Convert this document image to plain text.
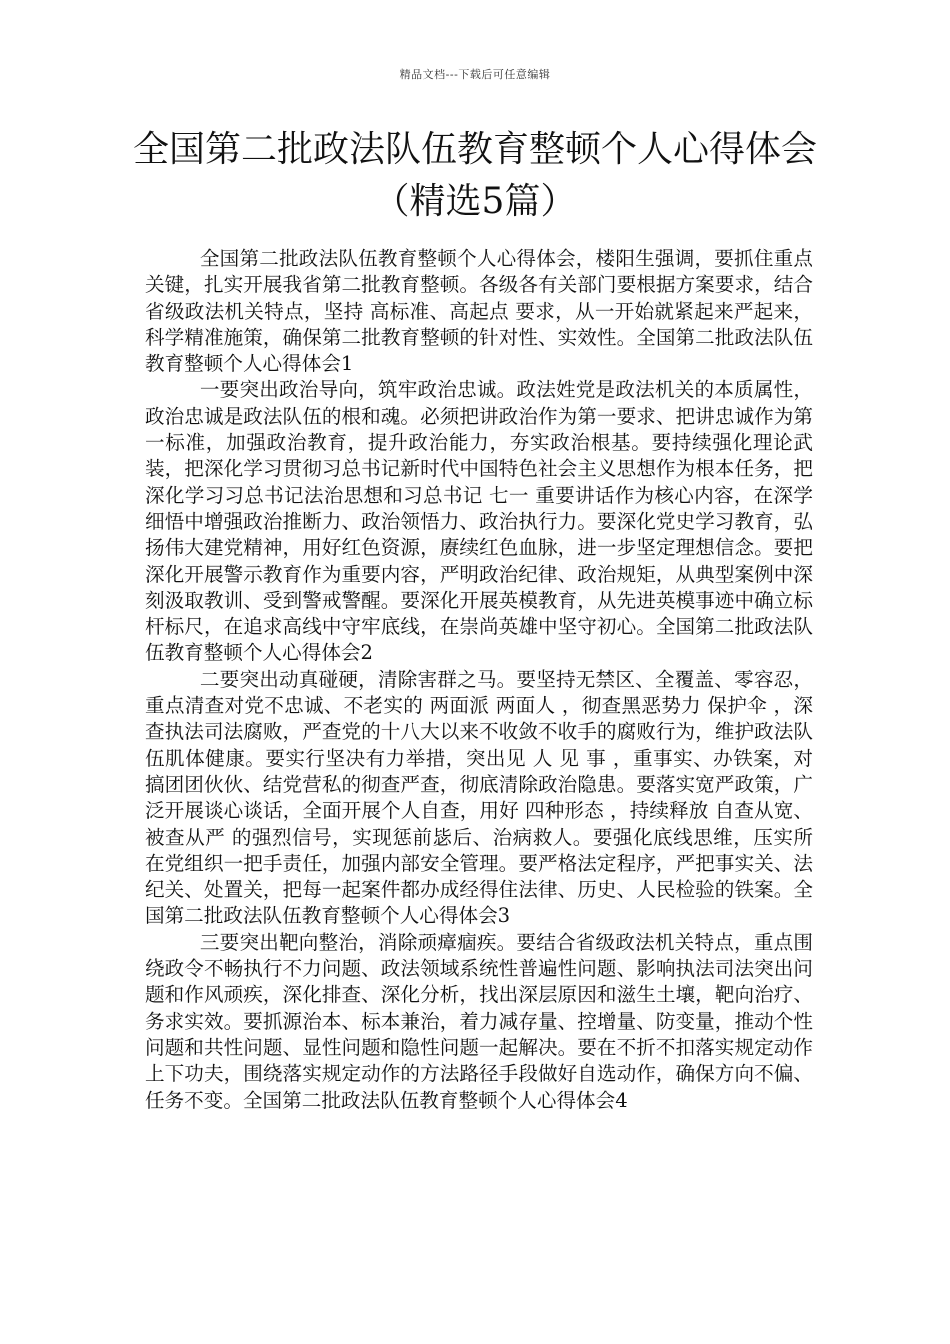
精品文档---下载后可任意编辑
全国第二批政法队伍教育整顿个人心得体会（精选5篇）

全国第二批政法队伍教育整顿个人心得体会，楼阳生强调，要抓住重点关键，扎实开展我省第二批教育整顿。各级各有关部门要根据方案要求，结合省级政法机关特点，坚持 高标准、高起点 要求，从一开始就紧起来严起来，科学精准施策，确保第二批教育整顿的针对性、实效性。全国第二批政法队伍教育整顿个人心得体会1

一要突出政治导向，筑牢政治忠诚。政法姓党是政法机关的本质属性，政治忠诚是政法队伍的根和魂。必须把讲政治作为第一要求、把讲忠诚作为第一标准，加强政治教育，提升政治能力，夯实政治根基。要持续强化理论武装，把深化学习贯彻习总书记新时代中国特色社会主义思想作为根本任务，把深化学习习总书记法治思想和习总书记 七一 重要讲话作为核心内容，在深学细悟中增强政治推断力、政治领悟力、政治执行力。要深化党史学习教育，弘扬伟大建党精神，用好红色资源，赓续红色血脉，进一步坚定理想信念。要把深化开展警示教育作为重要内容，严明政治纪律、政治规矩，从典型案例中深刻汲取教训、受到警戒警醒。要深化开展英模教育，从先进英模事迹中确立标杆标尺，在追求高线中守牢底线，在崇尚英雄中坚守初心。全国第二批政法队伍教育整顿个人心得体会2

二要突出动真碰硬，清除害群之马。要坚持无禁区、全覆盖、零容忍，重点清查对党不忠诚、不老实的 两面派 两面人 ，彻查黑恶势力 保护伞 ，深查执法司法腐败，严查党的十八大以来不收敛不收手的腐败行为，维护政法队伍肌体健康。要实行坚决有力举措，突出见 人 见 事 ，重事实、办铁案，对搞团团伙伙、结党营私的彻查严查，彻底清除政治隐患。要落实宽严政策，广泛开展谈心谈话，全面开展个人自查，用好 四种形态 ，持续释放 自查从宽、被查从严 的强烈信号，实现惩前毖后、治病救人。要强化底线思维，压实所在党组织一把手责任，加强内部安全管理。要严格法定程序，严把事实关、法纪关、处置关，把每一起案件都办成经得住法律、历史、人民检验的铁案。全国第二批政法队伍教育整顿个人心得体会3

三要突出靶向整治，消除顽瘴痼疾。要结合省级政法机关特点，重点围绕政令不畅执行不力问题、政法领域系统性普遍性问题、影响执法司法突出问题和作风顽疾，深化排查、深化分析，找出深层原因和滋生土壤，靶向治疗、务求实效。要抓源治本、标本兼治，着力减存量、控增量、防变量，推动个性问题和共性问题、显性问题和隐性问题一起解决。要在不折不扣落实规定动作上下功夫，围绕落实规定动作的方法路径手段做好自选动作，确保方向不偏、任务不变。全国第二批政法队伍教育整顿个人心得体会4
